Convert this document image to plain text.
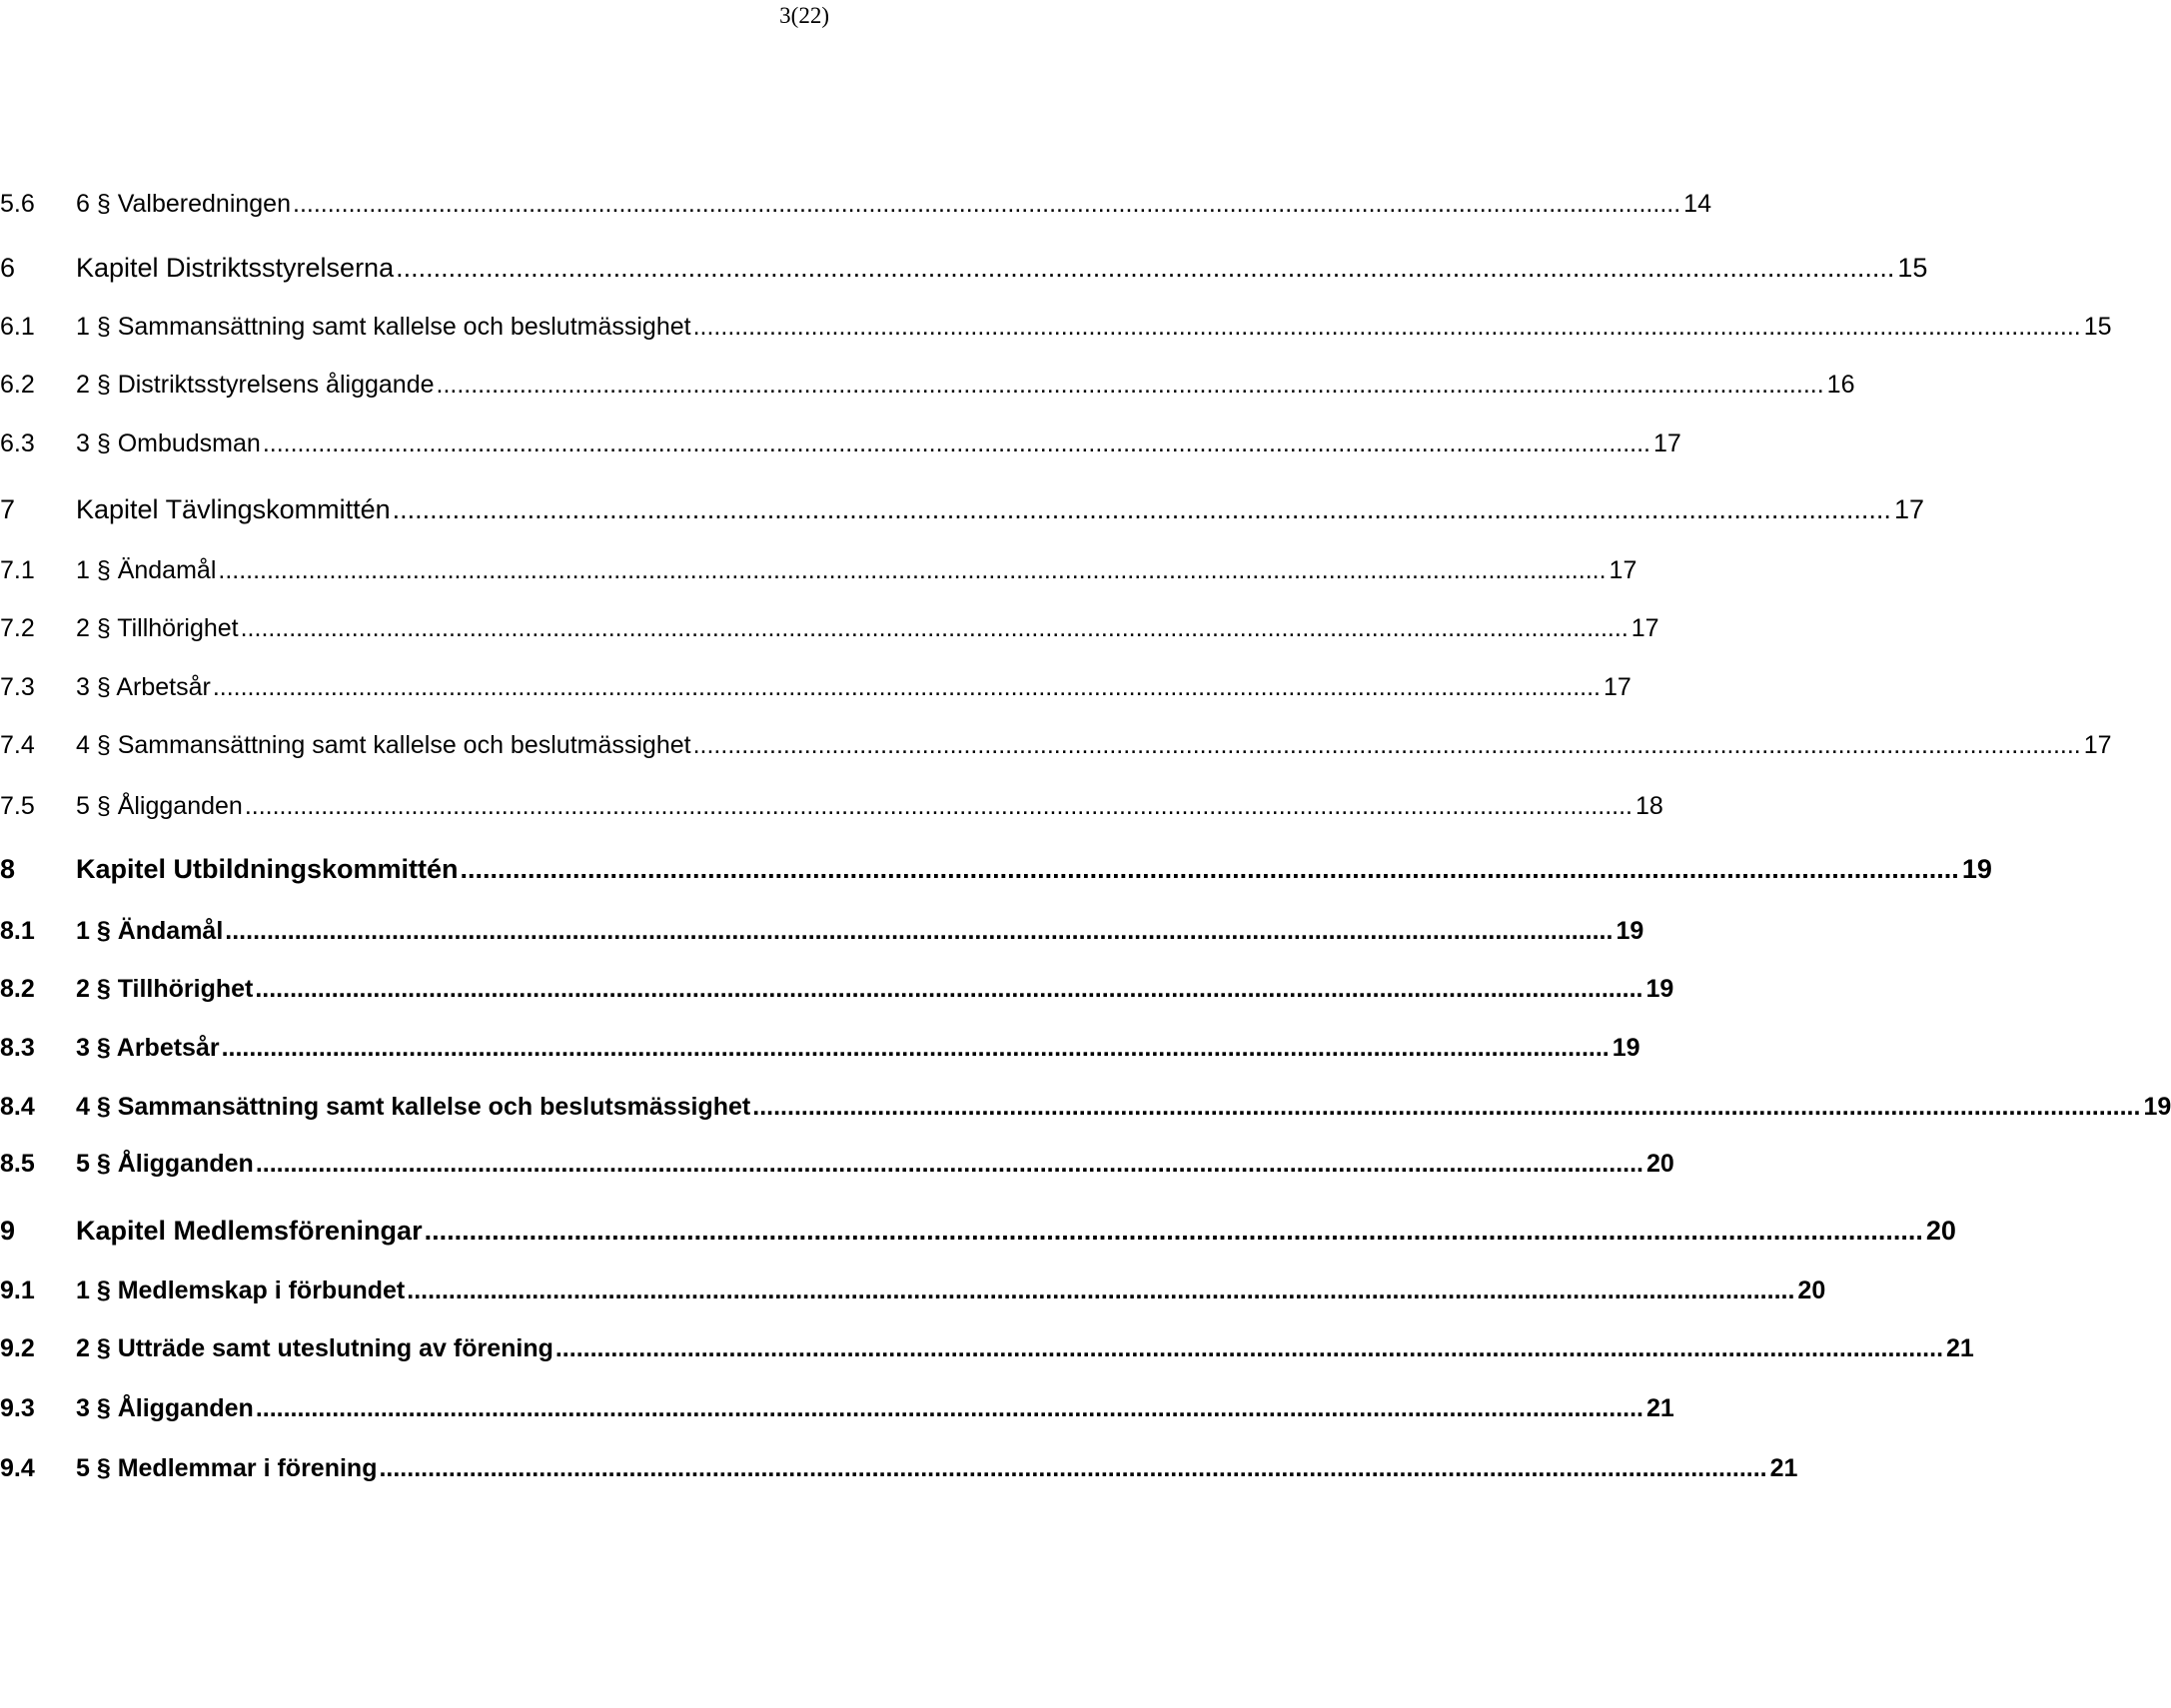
3(22)
5.6	6 § Valberedningen ........................................................................................................................................................................................................ 14
6	Kapitel Distriktsstyrelserna ........................................................................................................................................................................................................ 15
6.1	1 § Sammansättning samt kallelse och beslutmässighet ........................................................................................................................................................................................................ 15
6.2	2 § Distriktsstyrelsens åliggande ........................................................................................................................................................................................................ 16
6.3	3 § Ombudsman ........................................................................................................................................................................................................ 17
7	Kapitel Tävlingskommittén ........................................................................................................................................................................................................ 17
7.1	1 § Ändamål ........................................................................................................................................................................................................ 17
7.2	2 § Tillhörighet ........................................................................................................................................................................................................ 17
7.3	3 § Arbetsår ........................................................................................................................................................................................................ 17
7.4	4 § Sammansättning samt kallelse och beslutmässighet ........................................................................................................................................................................................................ 17
7.5	5 § Åligganden ........................................................................................................................................................................................................ 18
8	Kapitel Utbildningskommittén ........................................................................................................................................................................................................ 19
8.1	1 § Ändamål ........................................................................................................................................................................................................ 19
8.2	2 § Tillhörighet ........................................................................................................................................................................................................ 19
8.3	3 § Arbetsår ........................................................................................................................................................................................................ 19
8.4	4 § Sammansättning samt kallelse och beslutsmässighet ........................................................................................................................................................................................................ 19
8.5	5 § Åligganden ........................................................................................................................................................................................................ 20
9	Kapitel Medlemsföreningar ........................................................................................................................................................................................................ 20
9.1	1 § Medlemskap i förbundet ........................................................................................................................................................................................................ 20
9.2	2 § Utträde samt uteslutning av förening ........................................................................................................................................................................................................ 21
9.3	3 § Åligganden ........................................................................................................................................................................................................ 21
9.4	5 § Medlemmar i förening ........................................................................................................................................................................................................ 21
